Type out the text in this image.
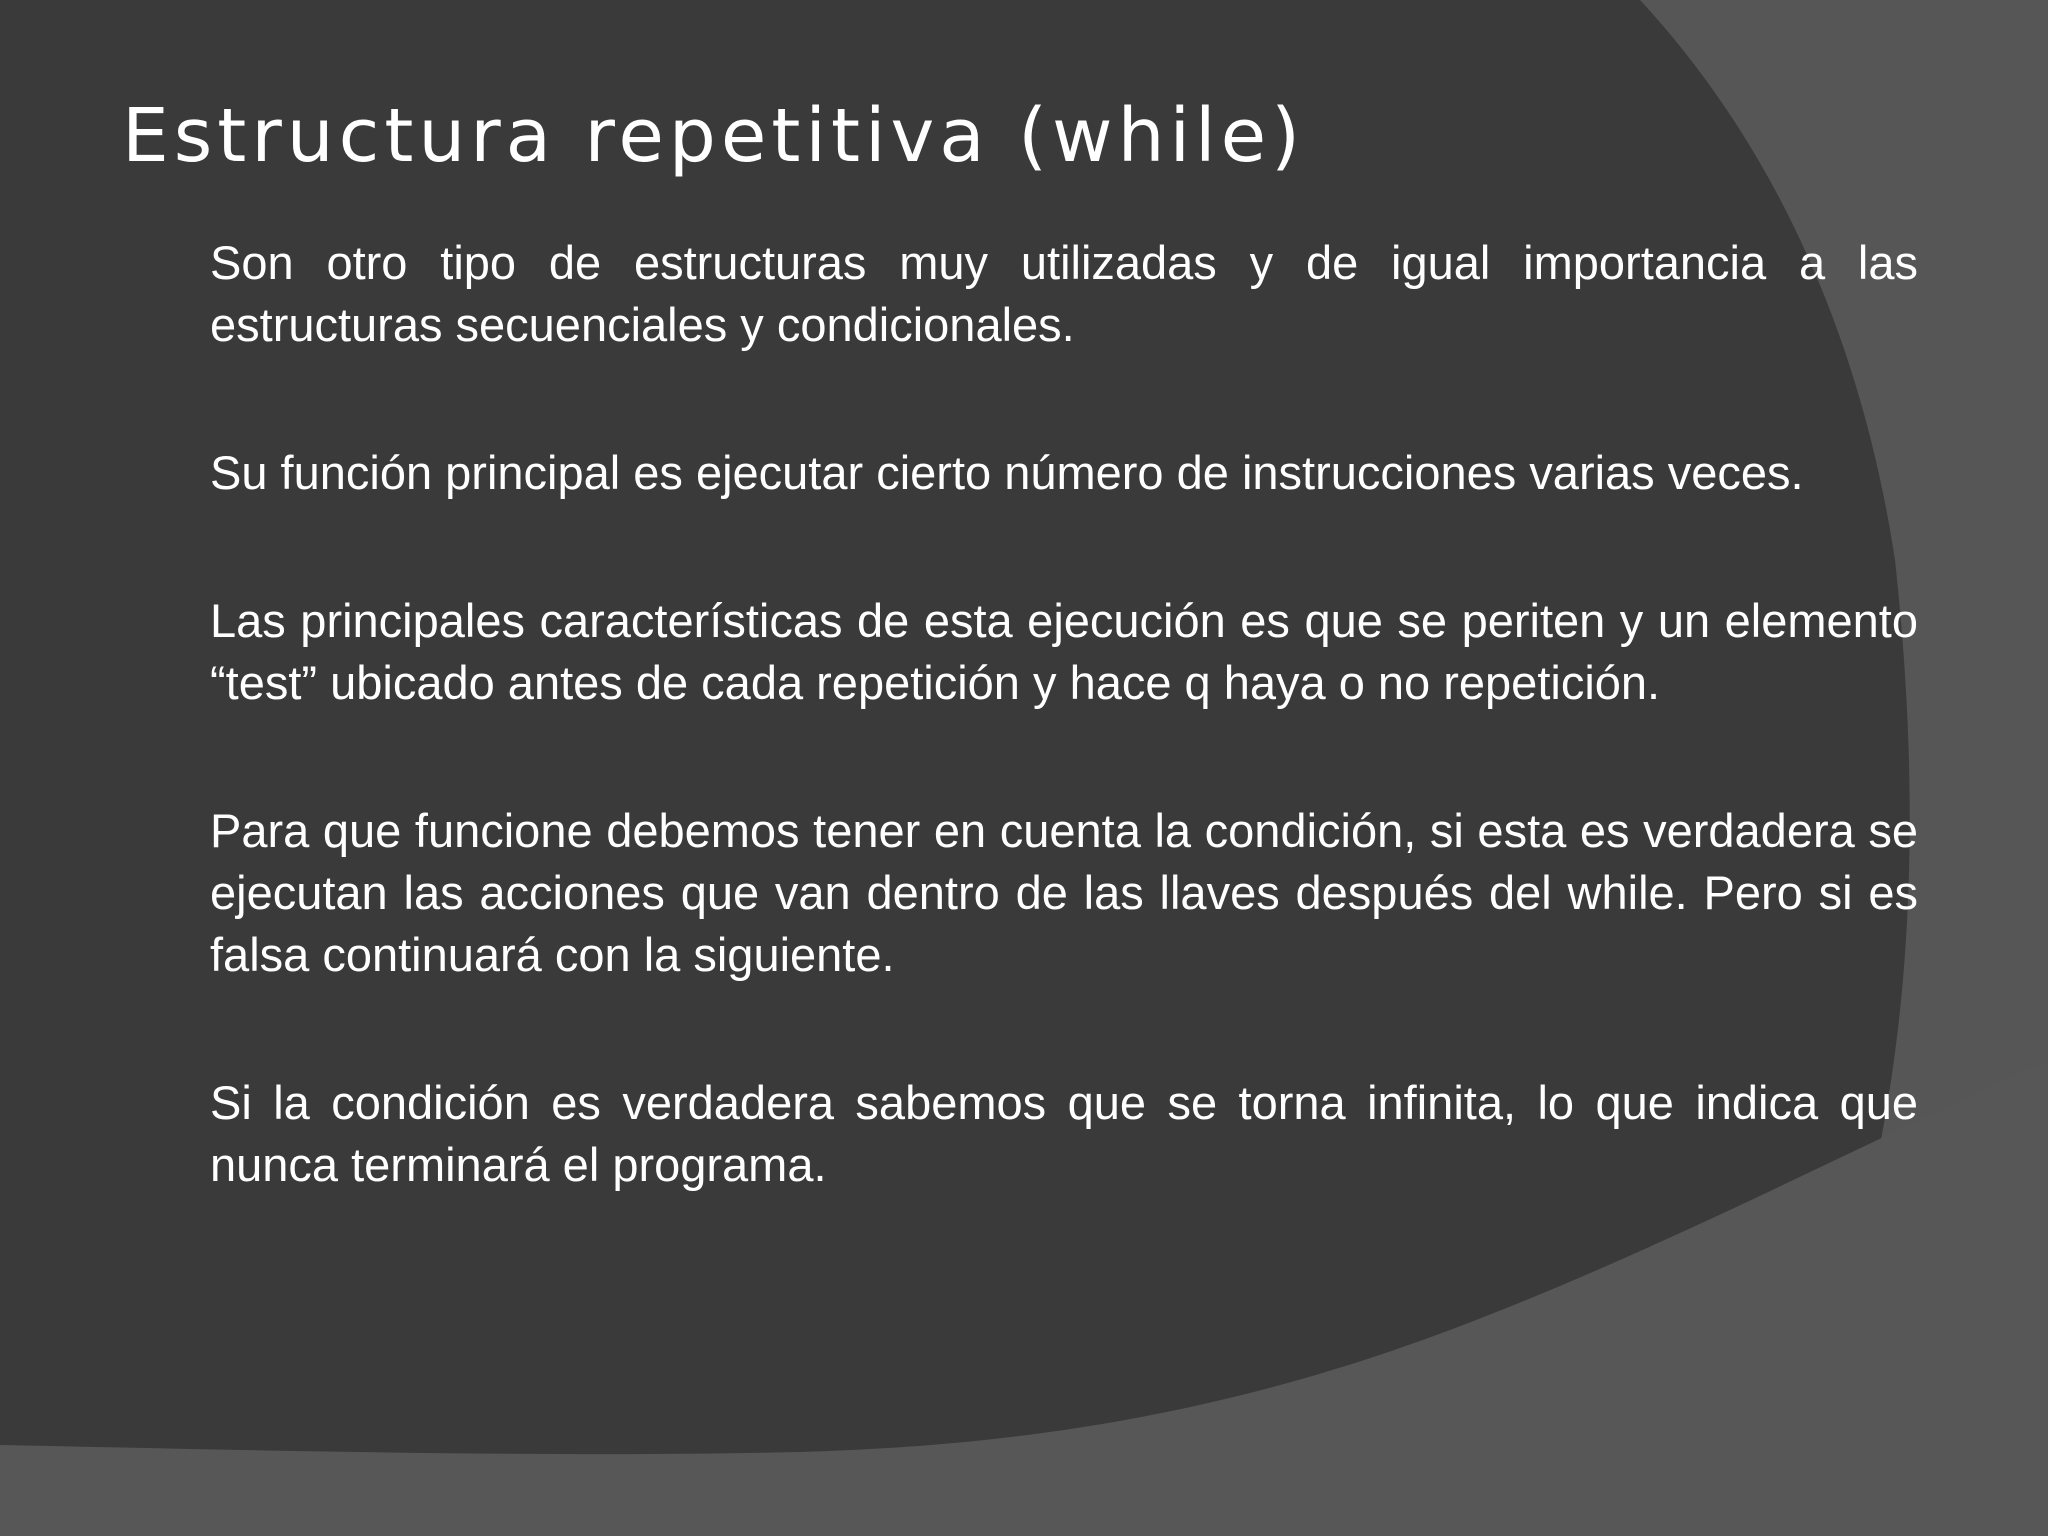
Estructura repetitiva (while)

Son otro tipo de estructuras muy utilizadas y de igual importancia a las estructuras secuenciales y condicionales.

Su función principal es ejecutar cierto número de instrucciones varias veces.

Las principales características de esta ejecución es que se periten y un elemento “test” ubicado antes de cada repetición y hace q haya o no repetición.

Para que funcione debemos tener en cuenta la condición, si esta es verdadera se ejecutan las acciones que van dentro de las llaves después del while. Pero si es falsa continuará con la siguiente.

Si la condición es verdadera sabemos que se torna infinita, lo que indica que nunca terminará el programa.
